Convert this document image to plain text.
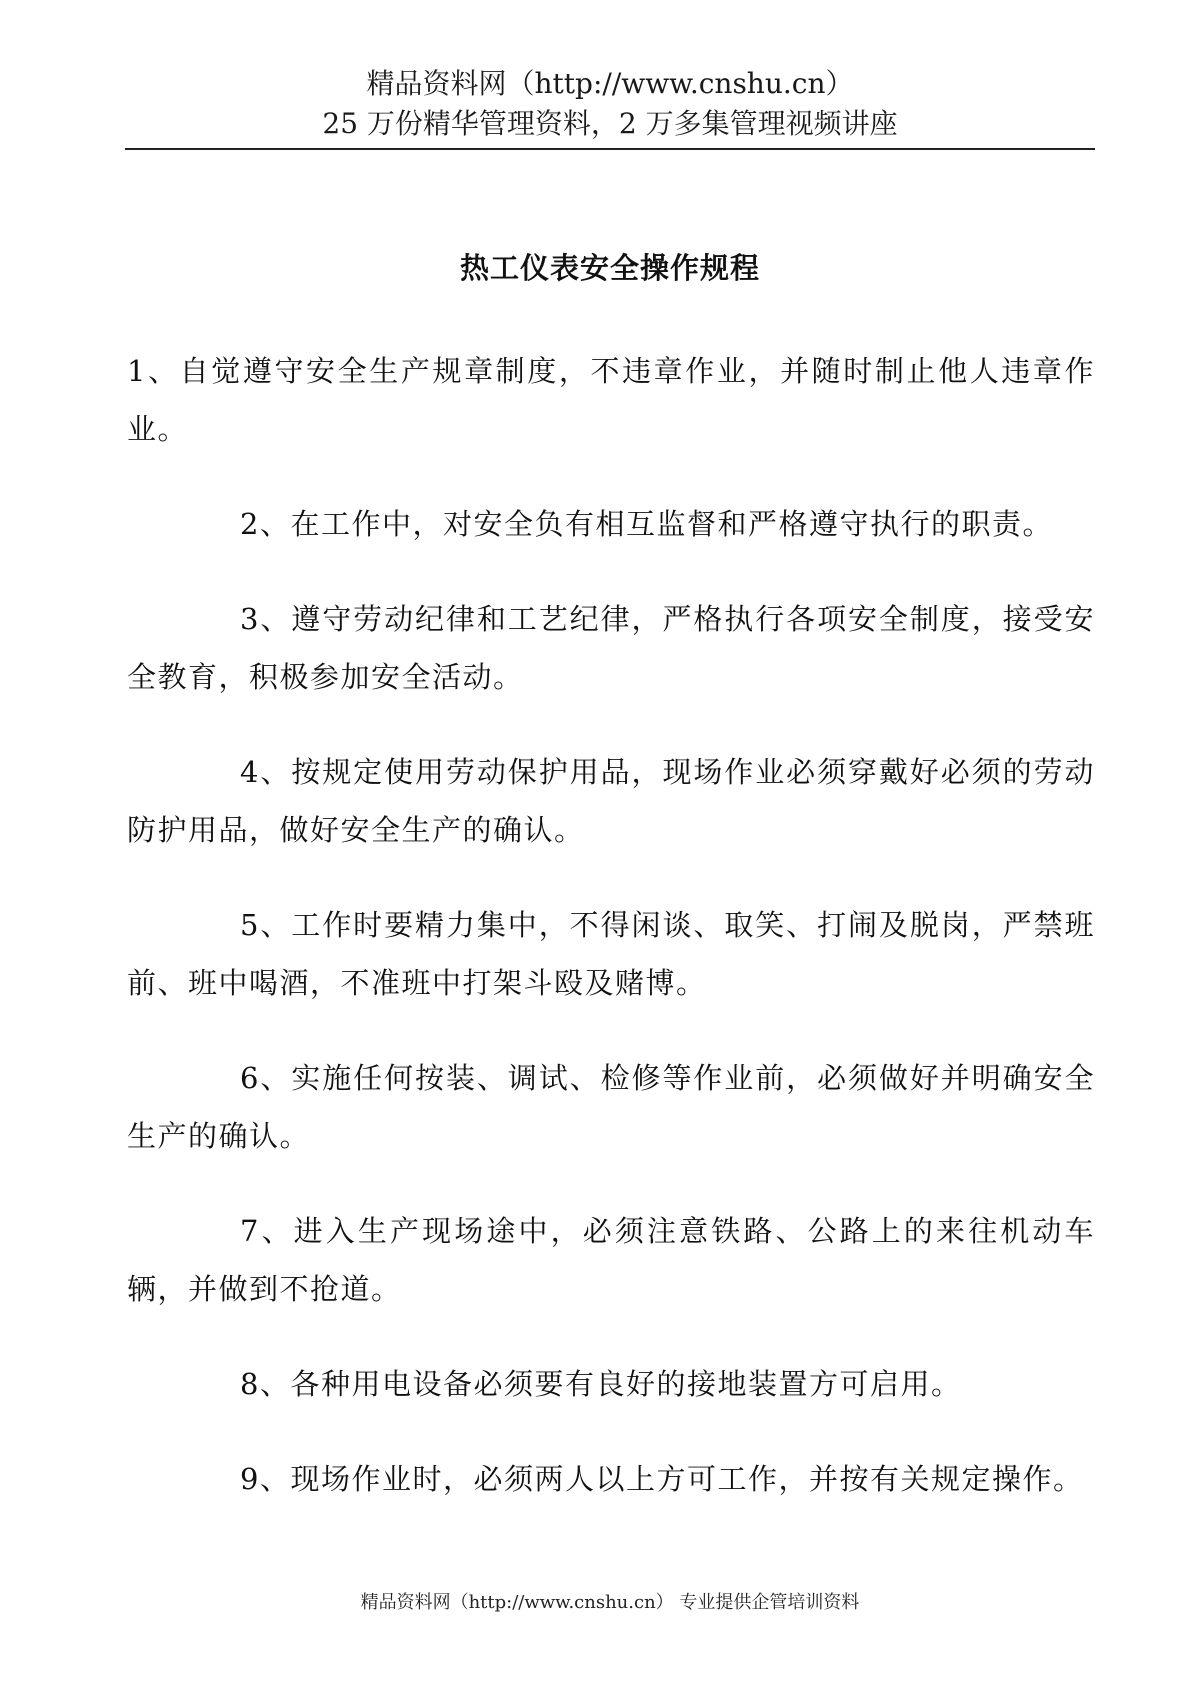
精品资料网（http://www.cnshu.cn）
25 万份精华管理资料，2 万多集管理视频讲座
热工仪表安全操作规程

1、自觉遵守安全生产规章制度，不违章作业，并随时制止他人违章作业。

2、在工作中，对安全负有相互监督和严格遵守执行的职责。

3、遵守劳动纪律和工艺纪律，严格执行各项安全制度，接受安全教育，积极参加安全活动。

4、按规定使用劳动保护用品，现场作业必须穿戴好必须的劳动防护用品，做好安全生产的确认。

5、工作时要精力集中，不得闲谈、取笑、打闹及脱岗，严禁班前、班中喝酒，不准班中打架斗殴及赌博。

6、实施任何按装、调试、检修等作业前，必须做好并明确安全生产的确认。

7、进入生产现场途中，必须注意铁路、公路上的来往机动车辆，并做到不抢道。

8、各种用电设备必须要有良好的接地装置方可启用。

9、现场作业时，必须两人以上方可工作，并按有关规定操作。

精品资料网（http://www.cnshu.cn） 专业提供企管培训资料
